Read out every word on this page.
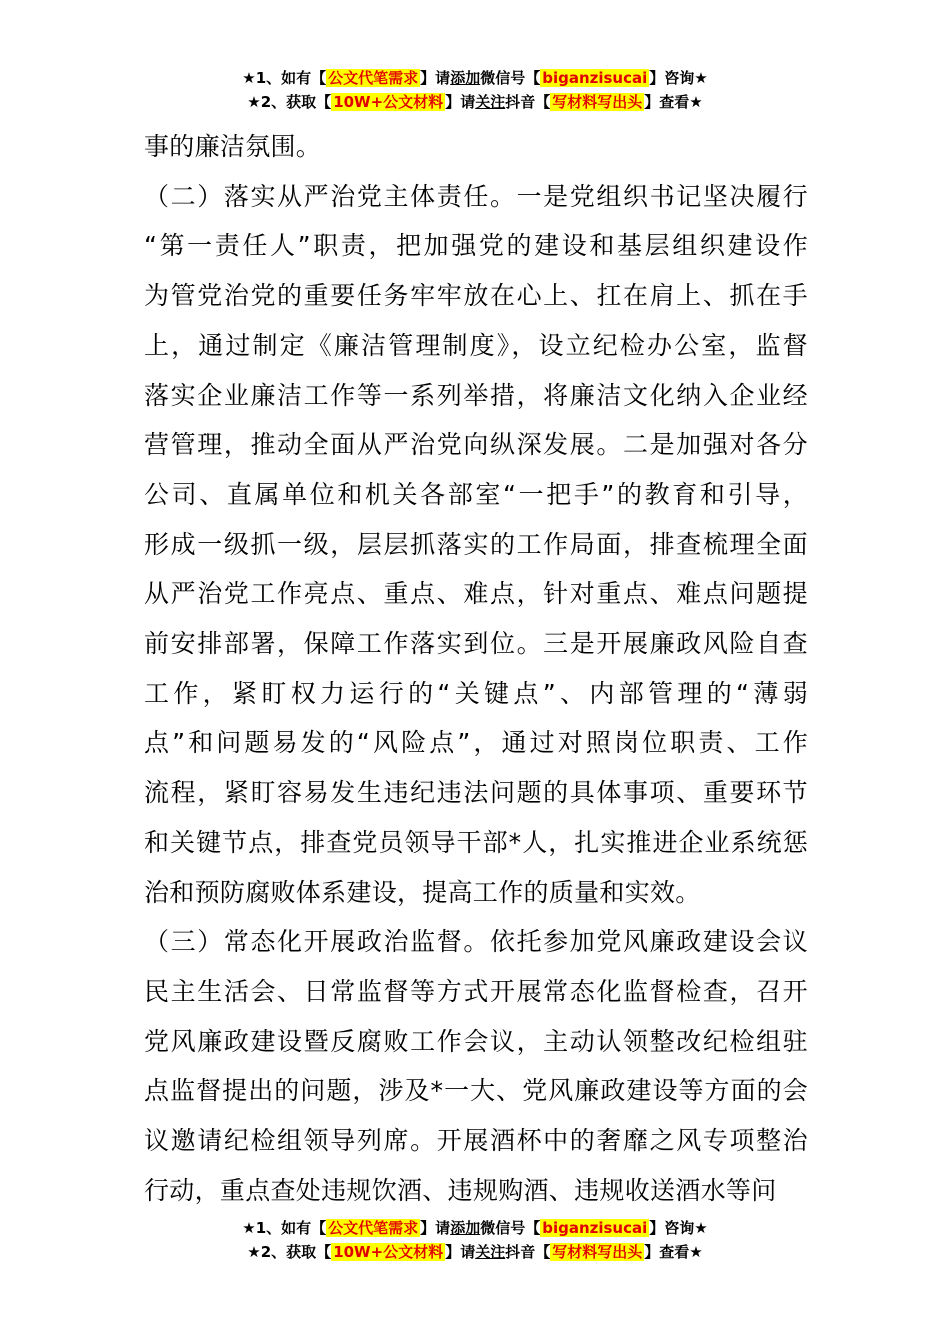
★1、如有【 公文代笔需求 】请添加微信号【 biganzisucai 】咨询★
★2、获取【 10W+公文材料 】请关注抖音【 写材料写出头 】查看★
事的廉洁氛围。
（二）落实从严治党主体责任。一是党组织书记坚决履行
“第一责任人”职责，把加强党的建设和基层组织建设作
为管党治党的重要任务牢牢放在心上、扛在肩上、抓在手
上，通过制定《廉洁管理制度》，设立纪检办公室，监督
落实企业廉洁工作等一系列举措，将廉洁文化纳入企业经
营管理，推动全面从严治党向纵深发展。二是加强对各分
公司、直属单位和机关各部室“一把手”的教育和引导，
形成一级抓一级，层层抓落实的工作局面，排查梳理全面
从严治党工作亮点、重点、难点，针对重点、难点问题提
前安排部署，保障工作落实到位。三是开展廉政风险自查
工作，紧盯权力运行的“关键点”、内部管理的“薄弱
点”和问题易发的“风险点”，通过对照岗位职责、工作
流程，紧盯容易发生违纪违法问题的具体事项、重要环节
和关键节点，排查党员领导干部*人，扎实推进企业系统惩
治和预防腐败体系建设，提高工作的质量和实效。
（三）常态化开展政治监督。依托参加党风廉政建设会议
民主生活会、日常监督等方式开展常态化监督检查，召开
党风廉政建设暨反腐败工作会议，主动认领整改纪检组驻
点监督提出的问题，涉及*一大、党风廉政建设等方面的会
议邀请纪检组领导列席。开展酒杯中的奢靡之风专项整治
行动，重点查处违规饮酒、违规购酒、违规收送酒水等问
★1、如有【 公文代笔需求 】请添加微信号【 biganzisucai 】咨询★
★2、获取【 10W+公文材料 】请关注抖音【 写材料写出头 】查看★
